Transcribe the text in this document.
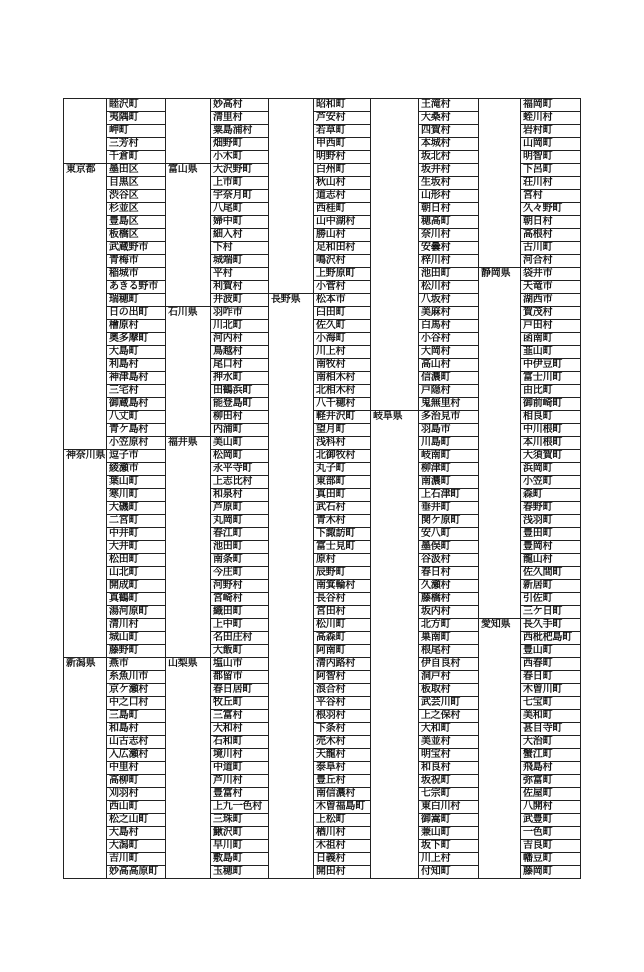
	睦沢町		妙高村		昭和町		王滝村		福岡町
	夷隅町		清里村		芦安村		大桑村		蛭川村
	岬町		粟島浦村		若草町		四賀村		岩村町
	三芳村		畑野町		甲西町		本城村		山岡町
	千倉町		小木町		明野村		坂北村		明智町
東京都	墨田区	富山県	大沢野町		白州町		坂井村		下呂町
	目黒区		上市町		秋山村		生坂村		荘川村
	渋谷区		宇奈月町		道志村		山形村		宮村
	杉並区		八尾町		西桂町		朝日村		久々野町
	豊島区		婦中町		山中湖村		穂高町		朝日村
	板橋区		細入村		勝山村		奈川村		高根村
	武蔵野市		下村		足和田村		安曇村		古川町
	青梅市		城端町		鳴沢村		梓川村		河合村
	稲城市		平村		上野原町		池田町	静岡県	袋井市
	あきる野市		利賀村		小菅村		松川村		天竜市
	瑞穂町		井波町	長野県	松本市		八坂村		湖西市
	日の出町	石川県	羽咋市		臼田町		美麻村		賀茂村
	檜原村		川北町		佐久町		白馬村		戸田村
	奥多摩町		河内村		小海町		小谷村		函南町
	大島町		鳥越村		川上村		大岡村		韮山町
	利島村		尾口村		南牧村		高山村		中伊豆町
	神津島村		押水町		南相木村		信濃町		富士川町
	三宅村		田鶴浜町		北相木村		戸隠村		由比町
	御蔵島村		能登島町		八千穂村		鬼無里村		御前崎町
	八丈町		柳田村		軽井沢町	岐阜県	多治見市		相良町
	青ケ島村		内浦町		望月町		羽島市		中川根町
	小笠原村	福井県	美山町		浅科村		川島町		本川根町
神奈川県	逗子市		松岡町		北御牧村		岐南町		大須賀町
	綾瀬市		永平寺町		丸子町		柳津町		浜岡町
	葉山町		上志比村		東部町		南濃町		小笠町
	寒川町		和泉村		真田町		上石津町		森町
	大磯町		芦原町		武石村		垂井町		春野町
	二宮町		丸岡町		青木村		関ケ原町		浅羽町
	中井町		春江町		下諏訪町		安八町		豊田町
	大井町		池田町		富士見町		墨俣町		豊岡村
	松田町		南条町		原村		谷汲村		龍山村
	山北町		今庄町		辰野町		春日村		佐久間町
	開成町		河野村		南箕輪村		久瀬村		新居町
	真鶴町		宮崎村		長谷村		藤橋村		引佐町
	湯河原町		織田町		宮田村		坂内村		三ケ日町
	清川村		上中町		松川町		北方町	愛知県	長久手町
	城山町		名田庄村		高森町		巣南町		西枇杷島町
	藤野町		大飯町		阿南町		根尾村		豊山町
新潟県	燕市	山梨県	塩山市		清内路村		伊自良村		西春町
	糸魚川市		都留市		阿智村		洞戸村		春日町
	京ケ瀬村		春日居町		浪合村		板取村		木曽川町
	中之口村		牧丘町		平谷村		武芸川町		七宝町
	三島町		三富村		根羽村		上之保村		美和町
	和島村		大和村		下条村		大和町		甚目寺町
	山古志村		石和町		売木村		美並村		大治町
	入広瀬村		境川村		天龍村		明宝村		蟹江町
	中里村		中道町		泰阜村		和良村		飛島村
	高柳町		芦川村		豊丘村		坂祝町		弥富町
	刈羽村		豊富村		南信濃村		七宗町		佐屋町
	西山町		上九一色村		木曽福島町		東白川村		八開村
	松之山町		三珠町		上松町		御嵩町		武豊町
	大島村		鰍沢町		楢川村		兼山町		一色町
	大潟町		早川町		木祖村		坂下町		吉良町
	吉川町		敷島町		日義村		川上村		幡豆町
	妙高高原町		玉穂町		開田村		付知町		藤岡町
